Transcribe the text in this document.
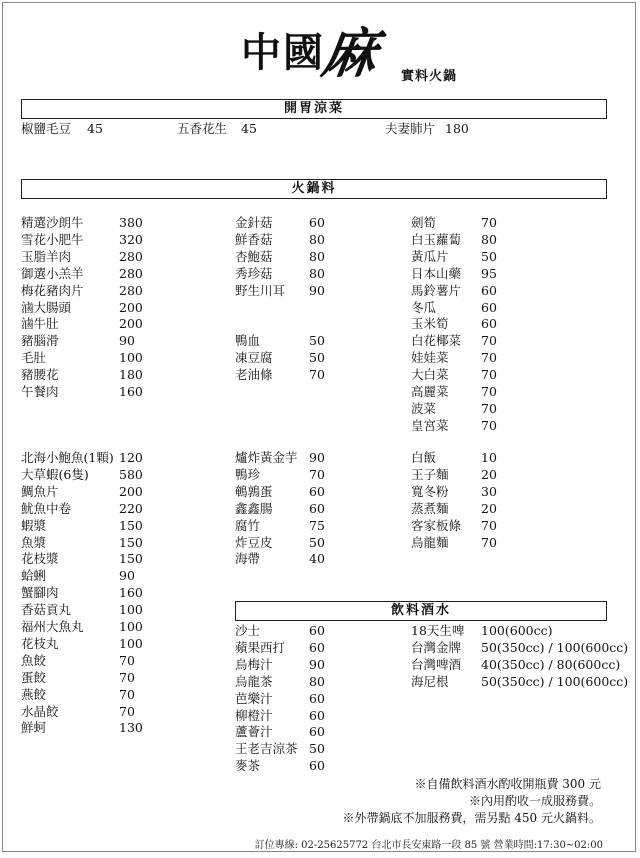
中國
麻 實料火鍋
開胃涼菜
椒鹽毛豆 45	五香花生 45	夫妻肺片 180
火鍋料
精選沙朗牛	380
雪花小肥牛	320
玉脂羊肉	280
御選小羔羊	280
梅花豬肉片	280
滷大腸頭	200
滷牛肚	200
豬腦滑	90
毛肚	100
豬腰花	180
午餐肉	160
金針菇	60
鮮香菇	80
杏鮑菇	80
秀珍菇	80
野生川耳 90
鴨血	50
凍豆腐	50
老油條	70
劍筍	70
白玉蘿蔔 80
黃瓜片	50
日本山藥 95
馬鈴薯片 60
冬瓜	60
玉米筍	60
白花椰菜 70
娃娃菜	70
大白菜	70
高麗菜	70
波菜	70
皇宮菜	70
北海小鮑魚(1顆) 120
大草蝦(6隻) 580
鯛魚片	200
魷魚中卷	220
蝦漿	150
魚漿	150
花枝漿	150
蛤蜊	90
蟹腳肉	160
香菇貢丸	100
福州大魚丸	100
花枝丸	100
魚餃	70
蛋餃	70
燕餃	70
水晶餃	70
鮮蚵	130
爐炸黃金芋 90
鴨珍	70
鵪鶉蛋	60
鑫鑫腸	60
腐竹	75
炸豆皮	50
海帶	40
白飯	10
王子麵	20
寬冬粉	30
蒸煮麵	20
客家板條 70
烏龍麵	70
飲料酒水
沙士	60
蘋果西打 60
烏梅汁	90
烏龍茶	80
芭樂汁	60
柳橙汁	60
蘆薈汁	60
王老吉涼茶 50
麥茶	60
18天生啤 100(600cc)
台灣金牌 50(350cc) / 100(600cc)
台灣啤酒 40(350cc) / 80(600cc)
海尼根	50(350cc) / 100(600cc)
※自備飲料酒水酌收開瓶費 300 元
※內用酌收一成服務費。
※外帶鍋底不加服務費，需另點 450 元火鍋料。
訂位專線: 02-25625772 台北市長安東路一段 85 號 營業時間:17:30~02:00
